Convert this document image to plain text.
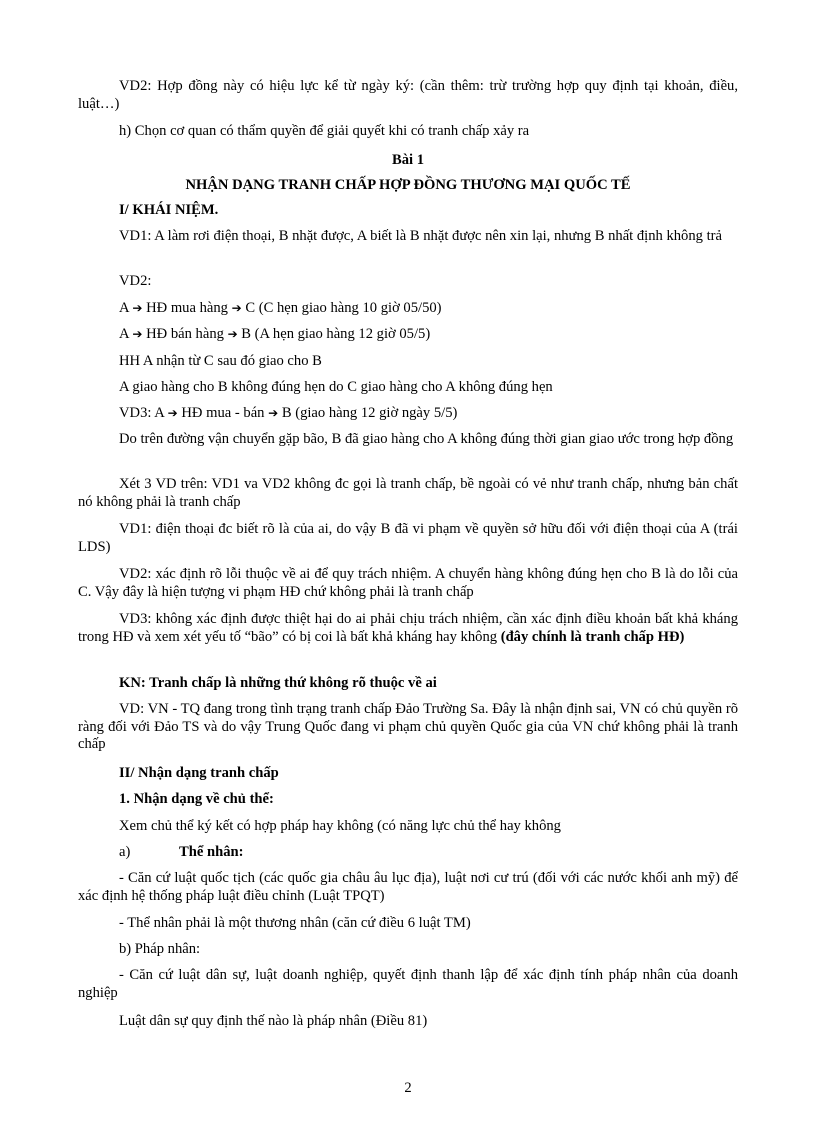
VD2: Hợp đồng này có hiệu lực kể từ ngày ký: (cần thêm: trừ trường hợp quy định tại khoản, điều, luật…)

h) Chọn cơ quan có thẩm quyền để giải quyết khi có tranh chấp xảy ra

Bài 1

NHẬN DẠNG TRANH CHẤP HỢP ĐỒNG THƯƠNG MẠI QUỐC TẾ

I/ KHÁI NIỆM.

VD1: A làm rơi điện thoại, B nhặt được, A biết là B nhặt được nên xin lại, nhưng B nhất định không trả

VD2:

A ➔ HĐ mua hàng ➔ C (C hẹn giao hàng 10 giờ 05/50)

A ➔ HĐ bán hàng ➔ B (A hẹn giao hàng 12 giờ 05/5)

HH A nhận từ C sau đó giao cho B

A giao hàng cho B không đúng hẹn do C giao hàng cho A không đúng hẹn

VD3: A ➔ HĐ mua - bán ➔ B (giao hàng 12 giờ ngày 5/5)

Do trên đường vận chuyển gặp bão, B đã giao hàng cho A không đúng thời gian giao ước trong hợp đồng

Xét 3 VD trên: VD1 va VD2 không đc gọi là tranh chấp, bề ngoài có vẻ như tranh chấp, nhưng bản chất nó không phải là tranh chấp

VD1: điện thoại đc biết rõ là của ai, do vậy B đã vi phạm về quyền sở hữu đối với điện thoại của A (trái LDS)

VD2: xác định rõ lỗi thuộc về ai để quy trách nhiệm. A chuyển hàng không đúng hẹn cho B là do lỗi của C. Vậy đây là hiện tượng vi phạm HĐ chứ không phải là tranh chấp

VD3: không xác định được thiệt hại do ai phải chịu trách nhiệm, cần xác định điều khoản bất khả kháng trong HĐ và xem xét yếu tố “bão” có bị coi là bất khả kháng hay không (đây chính là tranh chấp HĐ)

KN: Tranh chấp là những thứ không rõ thuộc về ai

VD: VN - TQ đang trong tình trạng tranh chấp Đảo Trường Sa. Đây là nhận định sai, VN có chủ quyền rõ ràng đối với Đảo TS và do vậy Trung Quốc đang vi phạm chủ quyền Quốc gia của VN chứ không phải là tranh chấp

II/ Nhận dạng tranh chấp

1. Nhận dạng về chủ thể:

Xem chủ thể ký kết có hợp pháp hay không (có năng lực chủ thể hay không

a)	Thể nhân:

- Căn cứ luật quốc tịch (các quốc gia châu âu lục địa), luật nơi cư trú (đối với các nước khối anh mỹ) để xác định hệ thống pháp luật điều chỉnh (Luật TPQT)

- Thể nhân phải là một thương nhân (căn cứ điều 6 luật TM)

b) Pháp nhân:

- Căn cứ luật dân sự, luật doanh nghiệp, quyết định thanh lập để xác định tính pháp nhân của doanh nghiệp

Luật dân sự quy định thế nào là pháp nhân (Điều 81)

2
